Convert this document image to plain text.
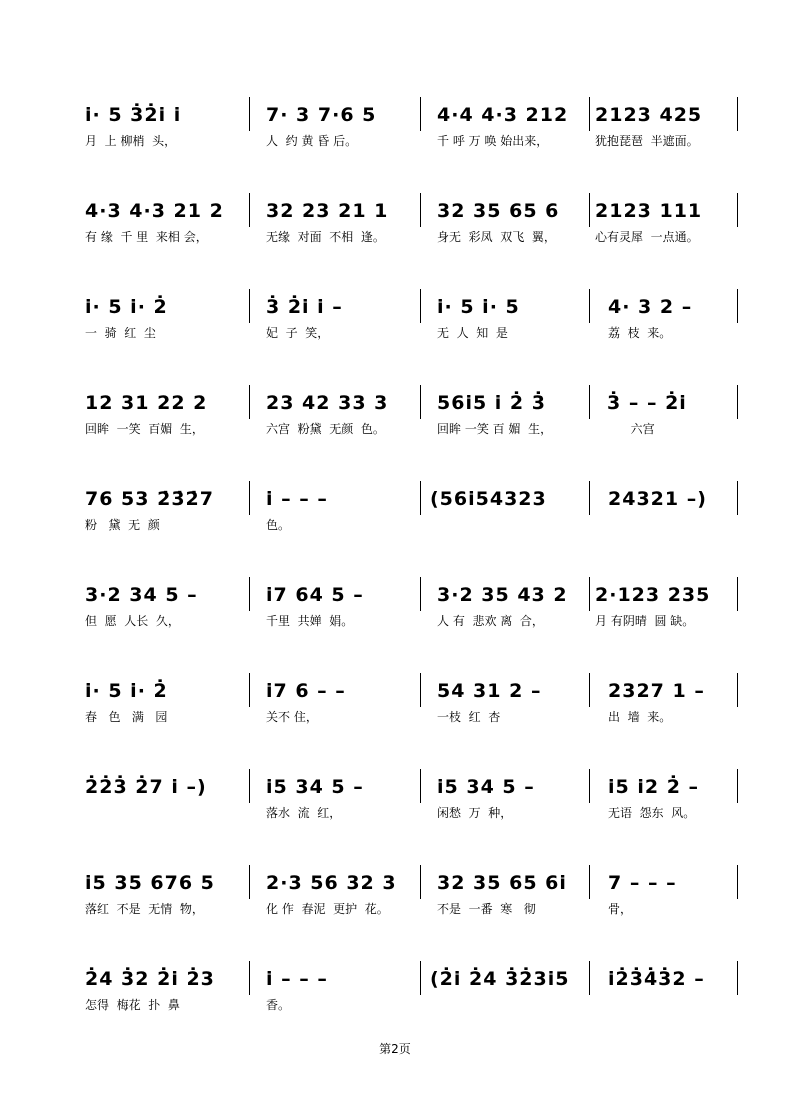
i· 5 3̇2̇i i
月  上 柳梢  头，
7· 3 7·6 5
人  约 黄 昏 后。
4·4 4·3 212
千 呼 万 唤 始出来，
2123 425
犹抱琵琶  半遮面。
4·3 4·3 21 2
有 缘  千 里  来相 会，
32 23 21 1
无缘  对面  不相  逢。
32 35 65 6
身无  彩凤  双飞  翼，
2123 111
心有灵犀  一点通。
i· 5 i· 2̇
一  骑  红  尘
3̇ 2̇i i –
妃  子  笑，
i· 5 i· 5
无  人  知  是
4· 3 2 –
荔  枝  来。
12 31 22 2
回眸  一笑  百媚  生，
23 42 33 3
六宫  粉黛  无颜  色。
56i5 i 2̇ 3̇
回眸 一笑 百 媚  生，
3̇ – – 2̇i
六宫
76 53 2̇3̇2̇7
粉   黛  无  颜
i – – –
色。
(56i54323	24321 –)
3·2 34 5 –
但  愿  人长  久，
i7 64 5 –
千里  共婵  娟。
3·2 35 43 2
人 有  悲欢 离  合，
2·123 235
月 有阴晴  圆 缺。
i· 5 i· 2̇
春   色   满   园
i7 6 – –
关不 住，
54 31 2 –
一枝  红  杏
2327 1 –
出  墙  来。
2̇2̇3̇ 2̇7 i –)	i5 34 5 –
落水  流  红，
i5 34 5 –
闲愁  万  种，
i5 i2 2̇ –
无语  怨东  风。
i5 35 676 5
落红  不是  无情  物，
2·3 56 32 3
化 作  春泥  更护  花。
32 35 65 6i
不是  一番  寒   彻
7 – – –
骨，
2̇4 3̇2 2̇i 2̇3
怎得  梅花  扑  鼻
i – – –
香。
(2̇i 2̇4 3̇2̇3i5 i2̇3̇4̇3̇2 –
第2页
